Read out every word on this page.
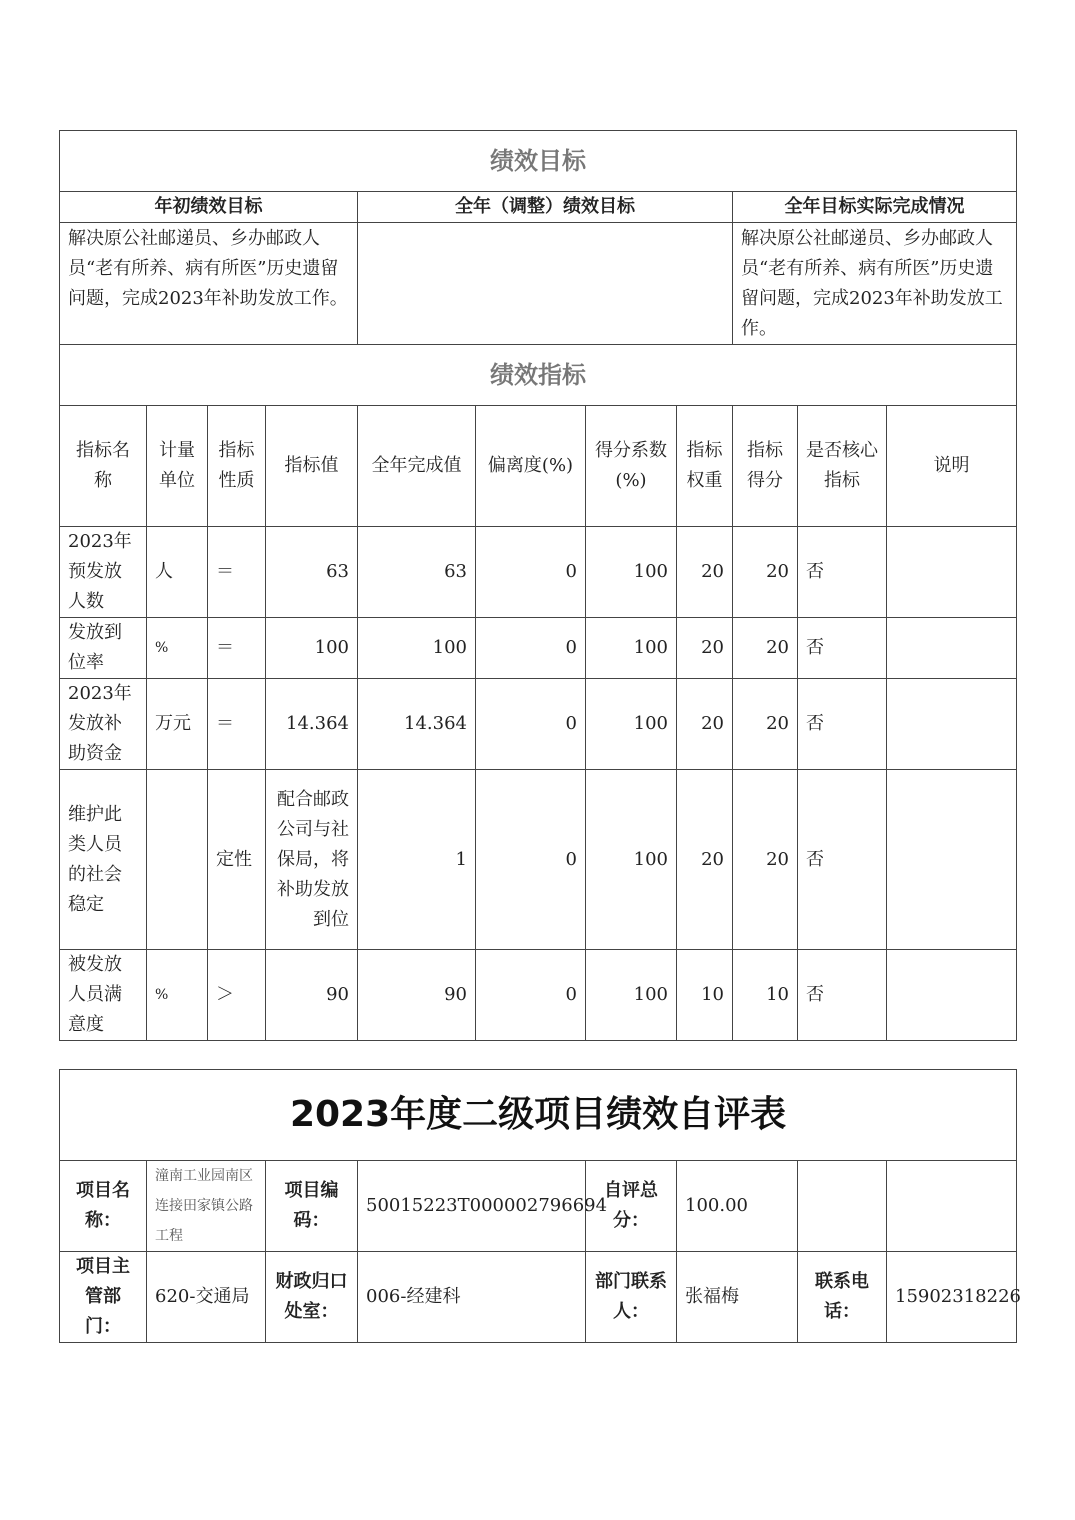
绩效目标										
年初绩效目标				全年（调整）绩效目标				全年目标实际完成情况		
解决原公社邮递员、乡办邮政人员“老有所养、病有所医”历史遗留问题，完成2023年补助发放工作。								解决原公社邮递员、乡办邮政人员“老有所养、病有所医”历史遗留问题，完成2023年补助发放工作。		
绩效指标										
指标名称	计量单位	指标性质	指标值	全年完成值	偏离度(%)	得分系数(%)	指标权重	指标得分	是否核心指标	说明
2023年预发放人数	人	＝	63	63	0	100	20	20	否	
发放到位率	%	＝	100	100	0	100	20	20	否	
2023年发放补助资金	万元	＝	14.364	14.364	0	100	20	20	否	
维护此类人员的社会稳定		定性	配合邮政公司与社保局，将补助发放到位	1	0	100	20	20	否	
被发放人员满意度	%	＞	90	90	0	100	10	10	否	
2023年度二级项目绩效自评表							
项目名称：	潼南工业园南区连接田家镇公路工程	项目编码：	50015223T000002796694	自评总分：	100.00		
项目主管部门：	620-交通局	财政归口处室：	006-经建科	部门联系人：	张福梅	联系电话：	15902318226
